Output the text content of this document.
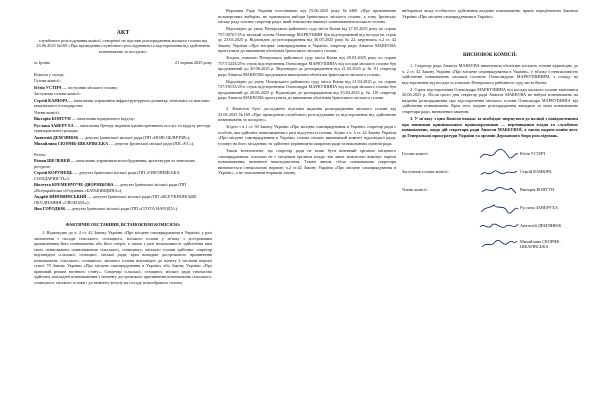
АКТ

службового розслідування комісії, створеної на підставі розпорядження міського голови від 23.06.2025 №169 «Про проведення службового розслідування та відсторонення від здійснення повноважень за посадою»

м. Ірпінь	21 червня 2025 року

Комісія у складі:

Голова комісії:

Юлія УСТИЧ — заступник міського голови;

Заступник голови комісії:

Сергій КАНЮРА — начальник управління інфраструктурного розвитку, земельної та житлово-комунальної господарства;

Члени комісії:

Вікторія КОНТУН — начальник юридичного відділу;

Руслана ЗАВЕРУХА — начальник Центру надання адміністративних послуг та відділу реєстру територіальної громади;

Анатолій ДЕМ'ЯНЮК — депутат Ірпінської міської ради (ПП «НОВІ ОБЛИЧЧЯ»);

Михайлина СКОРИК-ШКАРІВСЬКА — депутат Ірпінської міської ради (ПП «ЄС»);

Разом:

Роман ШЕЛЕВЕЙ — начальник управління містобудування, архітектури та земельних ресурсів;

Сергій КОРУНЕЦЬ — депутат Ірпінської міської ради (ПП «ЄВРОПЕЙСЬКА СОЛІДАРНІСТЬ»);

Віолетта КРЕМЕНЧУЧЕ-ДВОРНІКОВА — депутат Ірпінської міської ради (ПП «Всеукраїнське об'єднання «БАТЬКІВЩИНА»);

Андрій ЗИНОВИНСЬКИЙ — депутат Ірпінської міської ради (ПП «ВСЕУКРАЇНСЬКЕ ОБ'ЄДНАННЯ «СВОБОДА»);

Яна ГОРОДЮК — депутат Ірпінської міської ради (ПП «СЛУГА НАРОДУ»).

ФАКТИЧНІ ОБСТАВИНИ, ВСТАНОВЛЕНІ КОМІСІЄЮ:

1. Відповідно до ч. 2 ст. 42 Закону України «Про місцеве самоврядування в Україні» у разі звільнення з посади сільського, селищного, міського голови у зв'язку з достроковим припиненням його повноважень або його смерті, а також у разі неможливості здійснення ним своїх повноважень повноваження сільського, селищного, міського голови здійснює секретар відповідної сільської, селищної, міської ради, крім випадків дострокового припинення повноважень сільського, селищного, міського голови відповідно до пункту 2 частини першої статті 79 Закону України «Про місцеве самоврядування в Україні» або Закону України «Про правовий режим воєнного стану». Секретар сільської, селищної, міської ради тимчасово здійснює покладені повноваження з моменту дострокового припинення повноважень сільського, селищного, міського голови і до моменту вступу на посаду новообраного голови.

Верховна Рада України постановою від 15.06.2025 року №4469 «Про призначення позачергових виборів» не призначала вибори Ірпінського міського голови, а тому Ірпінську міську раду очолює секретар ради, який тимчасово виконує повноваження міського голови.

Відповідно до указу Печерського районного суду міста Києва від 27.05.2025 року по справі 757/36767/25-к міський голова Олександр МАРКУШИН був відсторонений від посади на строк до 23.03.2025 р. Відповідно до розпорядження від 30.05.2025 року № 22, керуючись ч.2 ст. 42 Закону України «Про місцеве самоврядування в Україні» секретар ради Анжела МАКЕЄВА приступила до виконання обов'язків Ірпінського міського голови.

Згодом, ухвалою Печерського районного суду міста Києва від 29.03.2025 року по справі 757/13243/25-к строк відсторонення Олександра МАРКУШИНА від посади міського голови був продовжений до 20.06.2025 р. Відповідно до розпорядження від 21.03.2025 р. № 91 секретар ради Анжела МАКЕЄВА продовжила виконувати обов'язки Ірпінського міського голови.

Відповідно до указу Печерського районного суду міста Києва від 21.04.2025 р. по справі 757/18133/25-к строк відсторонення Олександра МАРКУШИНА від посади міського голови був продовжений до 20.06.2025 р. Відповідно до розпорядження від 23.04.2025 р. № 118 секретар ради Анжела МАКЕЄВА приступила до виконання обов'язків Ірпінського міського голови.

2. Комісією було досліджено підстави видання розпорядження міського голови від 23.06.2025 №169 «Про проведення службового розслідування та відсторонення від здійснення повноважень за посадою».

Згідно з ч.1 ст. 50 Закону України «Про місцеве самоврядування в Україні» секретар ради є особою, яка здійснює повноваження у разі відсутності голови. Згідно з ч. 4 ст. 42 Закону України «Про місцеве самоврядування в Україні» голова очолює виконавчий комітет відповідної ради, головує на його засіданнях та здійснює керівництво апаратом ради та виконавчих органів ради.

Також встановлено, що секретар ради не може бути визнаний органом місцевого самоврядування, оскільки не є місцевим органом влади; він лише тимчасово виконує окремі повноваження, визначені законодавством. Таким чином, обсяг повноважень секретаря визначається спеціальною нормою ч.2 ст.42 Закону України «Про місцеве самоврядування в Україні», а не загальними нормами закону.

вибороном засад особистого здійснення владних повноважень, прямо передбачених Законом України «Про місцеве самоврядування в Україні».

ВИСНОВОК КОМІСІЇ:

1. Секретар ради Анжела МАКЕЄВА виконувала обов'язки міського голови відповідно до ч. 2 ст. 42 Закону України «Про місцеве самоврядування в Україні», у зв'язку з неможливістю здійснення повноважень міським головою Олександром МАРКУШИНИМ, з огляду на відсторонення від посади за ухвалою Печерського районного суду міста Києва.

2. Строк відсторонення Олександра МАРКУШИНА від посади міського голови закінчився 20.06.2025 р. Після цього дня секретар ради Анжела МАКЕЄВА не набула повноважень на видання розпорядження про відсторонення міського голови Олександра МАРКУШИНА від здійснення повноважень. Крім того, видане розпорядження виходить за межі повноважень секретаря ради, визначених законом.

3. У зв'язку з цим Комісія вважає за необхідне звернутися до поліції з повідомленням про вчинення кримінального правопорушення — перевищення влади та службових повноважень, щодо дій секретаря ради Анжели МАКЕЄВОЇ, а також надати копію акту до Генеральної прокуратури України та органів Державного бюро розслідувань.

Голова комісії:	Юлія УСТИЧ
Заступник голови комісії:	Сергій КАНЮРА
Члени комісії:	Вікторія КОНТУН
Руслана ЗАВЕРУХА
Анатолій ДЕМ'ЯНЮК
Михайлина СКОРИК-ШКАРІВСЬКА
